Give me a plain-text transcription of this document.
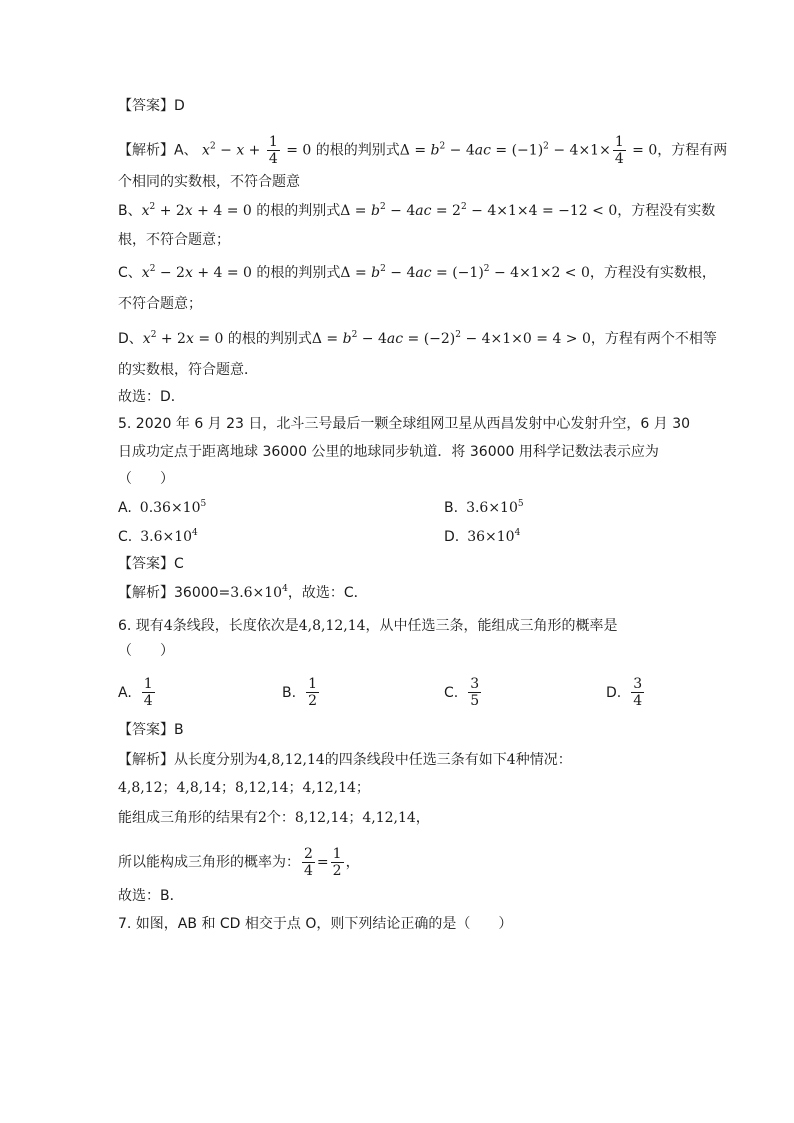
【答案】D
【解析】A、 $x^2 - x + \frac{1}{4} = 0$ 的根的判别式$\Delta = b^2 - 4ac = (-1)^2 - 4\times 1\times \frac{1}{4} = 0$，方程有两
个相同的实数根，不符合题意
B、$x^2 + 2x + 4 = 0$ 的根的判别式$\Delta = b^2 - 4ac = 2^2 - 4\times 1\times 4 = -12 < 0$，方程没有实数
根，不符合题意；
C、$x^2 - 2x + 4 = 0$ 的根的判别式$\Delta = b^2 - 4ac = (-1)^2 - 4\times 1\times 2 < 0$，方程没有实数根，
不符合题意；
D、$x^2 + 2x = 0$ 的根的判别式$\Delta = b^2 - 4ac = (-2)^2 - 4\times 1\times 0 = 4 > 0$，方程有两个不相等
的实数根，符合题意．
故选：D．
5. 2020 年 6 月 23 日，北斗三号最后一颗全球组网卫星从西昌发射中心发射升空，6 月 30
日成功定点于距离地球 36000 公里的地球同步轨道．将 36000 用科学记数法表示应为
（　　）
A. $0.36\times 10^5$	B. $3.6\times 10^5$
C. $3.6\times 10^4$	D. $36\times 10^4$
【答案】C
【解析】$36000=3.6\times 10^4$，故选：C．
6. 现有4条线段，长度依次是4,8,12,14，从中任选三条，能组成三角形的概率是
（　　）
A. $\frac{1}{4}$	B. $\frac{1}{2}$	C. $\frac{3}{5}$	D. $\frac{3}{4}$
【答案】B
【解析】从长度分别为4,8,12,14的四条线段中任选三条有如下4种情况：
4,8,12；4,8,14；8,12,14；4,12,14；
能组成三角形的结果有2个：8,12,14；4,12,14，
所以能构成三角形的概率为： $\frac{2}{4} = \frac{1}{2}$ ，
故选：B．
7. 如图，AB 和 CD 相交于点 O，则下列结论正确的是（　　）
